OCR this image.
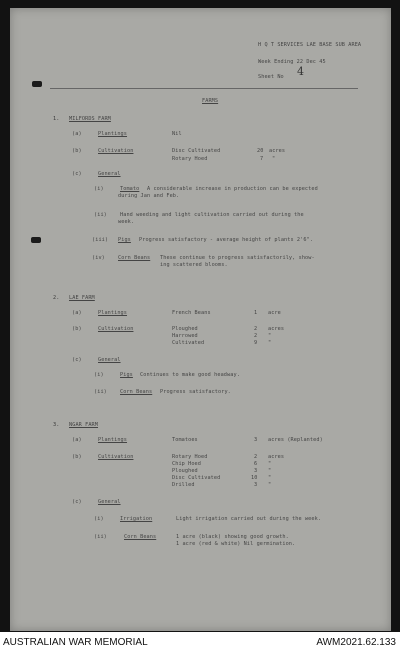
H Q T SERVICES LAE BASE SUB AREA
Week Ending 22 Dec 45
Sheet No 4
FARMS
1. MILFORDS FARM
(a)	Plantings	Nil
(b)	Cultivation	Disc Cultivated	20 acres
Rotary Hoed	7 "
(c)	General
(i)	Tomato A considerable increase in production can be expected
during Jan and Feb.
(ii)	Hand weeding and light cultivation carried out during the
week.
(iii) Pigs Progress satisfactory - average height of plants 2'6".
(iv)	Corn Beans These continue to progress satisfactorily, show-
ing scattered blooms.
2. LAE FARM
(a)	Plantings	French Beans	1 acre
(b)	Cultivation	Ploughed	2 acres
Harrowed	2 "
Cultivated	9 "
(c)	General
(i)	Pigs Continues to make good headway.
(ii)	Corn Beans Progress satisfactory.
3. NGAR FARM
(a)	Plantings	Tomatoes	3 acres (Replanted)
(b)	Cultivation	Rotary Hoed	2 acres
Chip Hoed	6 "
Ploughed	3 "
Disc Cultivated	10 "
Drilled	3 "
(c)	General
(i)	Irrigation	Light irrigation carried out during the week.
(ii)	Corn Beans	1 acre (black) showing good growth.
1 acre (red & white) Nil germination.
AUSTRALIAN WAR MEMORIAL	AWM2021.62.133
